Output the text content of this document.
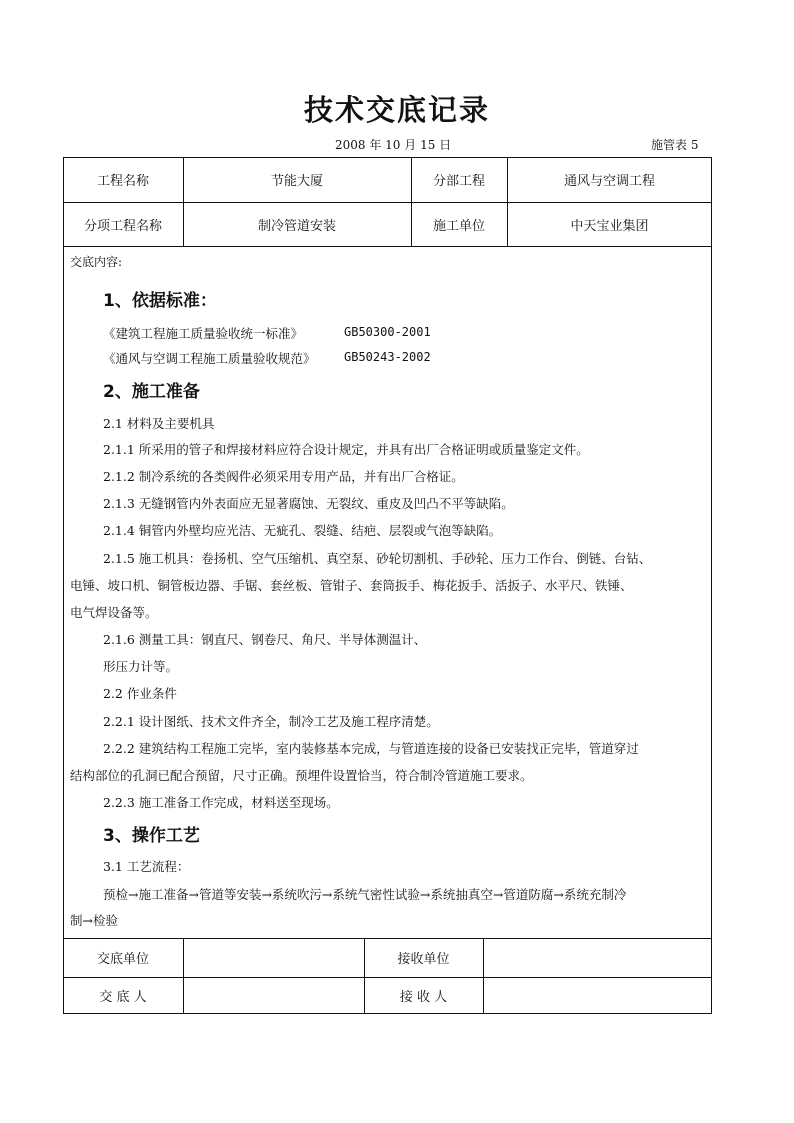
技术交底记录
2008 年 10 月 15 日	施管表 5
工程名称	节能大厦	分部工程	通风与空调工程
分项工程名称	制冷管道安装	施工单位	中天宝业集团
交底内容:
1、依据标准：
《建筑工程施工质量验收统一标准》	GB50300-2001
《通风与空调工程施工质量验收规范》 GB50243-2002
2、施工准备
2.1 材料及主要机具
2.1.1 所采用的管子和焊接材料应符合设计规定，并具有出厂合格证明或质量鉴定文件。
2.1.2 制冷系统的各类阀件必须采用专用产品，并有出厂合格证。
2.1.3 无缝钢管内外表面应无显著腐蚀、无裂纹、重皮及凹凸不平等缺陷。
2.1.4 铜管内外壁均应光洁、无疵孔、裂缝、结疤、层裂或气泡等缺陷。
2.1.5 施工机具：卷扬机、空气压缩机、真空泵、砂轮切割机、手砂轮、压力工作台、倒链、台钻、
电锤、坡口机、铜管板边器、手锯、套丝板、管钳子、套筒扳手、梅花扳手、活扳子、水平尺、铁锤、
电气焊设备等。
2.1.6 测量工具：钢直尺、钢卷尺、角尺、半导体测温计、
形压力计等。
2.2 作业条件
2.2.1 设计图纸、技术文件齐全，制冷工艺及施工程序清楚。
2.2.2 建筑结构工程施工完毕，室内装修基本完成，与管道连接的设备已安装找正完毕，管道穿过
结构部位的孔洞已配合预留，尺寸正确。预埋件设置恰当，符合制冷管道施工要求。
2.2.3 施工准备工作完成，材料送至现场。
3、操作工艺
3.1 工艺流程：
预检→施工准备→管道等安装→系统吹污→系统气密性试验→系统抽真空→管道防腐→系统充制冷
制→检验
交底单位	接收单位
交 底 人	接 收 人
